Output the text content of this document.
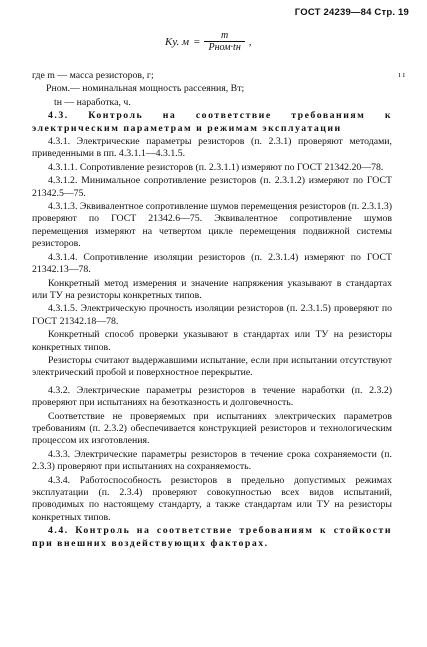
ГОСТ 24239—84 Стр. 19
Kу. $м = \frac{m}{\text{Pном·tн}}$ ,
ı ı

где m — масса резисторов, г;

Pном.— номинальная мощность рассеяния, Вт;

tн — наработка, ч.

4.3. Контроль на соответствие требованиям к электрическим параметрам и режимам эксплуатации

4.3.1. Электрические параметры резисторов (п. 2.3.1) проверяют методами, приведенными в пп. 4.3.1.1—4.3.1.5.

4.3.1.1. Сопротивление резисторов (п. 2.3.1.1) измеряют по ГОСТ 21342.20—78.

4.3.1.2. Минимальное сопротивление резисторов (п. 2.3.1.2) измеряют по ГОСТ 21342.5—75.

4.3.1.3. Эквивалентное сопротивление шумов перемещения резисторов (п. 2.3.1.3) проверяют по ГОСТ 21342.6—75. Эквивалентное сопротивление шумов перемещения измеряют на четвертом цикле перемещения подвижной системы резисторов.

4.3.1.4. Сопротивление изоляции резисторов (п. 2.3.1.4) измеряют по ГОСТ 21342.13—78.

Конкретный метод измерения и значение напряжения указывают в стандартах или ТУ на резисторы конкретных типов.

4.3.1.5. Электрическую прочность изоляции резисторов (п. 2.3.1.5) проверяют по ГОСТ 21342.18—78.

Конкретный способ проверки указывают в стандартах или ТУ на резисторы конкретных типов.

Резисторы считают выдержавшими испытание, если при испытании отсутствуют электрический пробой и поверхностное перекрытие.

4.3.2. Электрические параметры резисторов в течение наработки (п. 2.3.2) проверяют при испытаниях на безотказность и долговечность.

Соответствие не проверяемых при испытаниях электрических параметров требованиям (п. 2.3.2) обеспечивается конструкцией резисторов и технологическим процессом их изготовления.

4.3.3. Электрические параметры резисторов в течение срока сохраняемости (п. 2.3.3) проверяют при испытаниях на сохраняемость.

4.3.4. Работоспособность резисторов в предельно допустимых режимах эксплуатации (п. 2.3.4) проверяют совокупностью всех видов испытаний, проводимых по настоящему стандарту, а также стандартам или ТУ на резисторы конкретных типов.

4.4. Контроль на соответствие требованиям к стойкости при внешних воздействующих факторах.
